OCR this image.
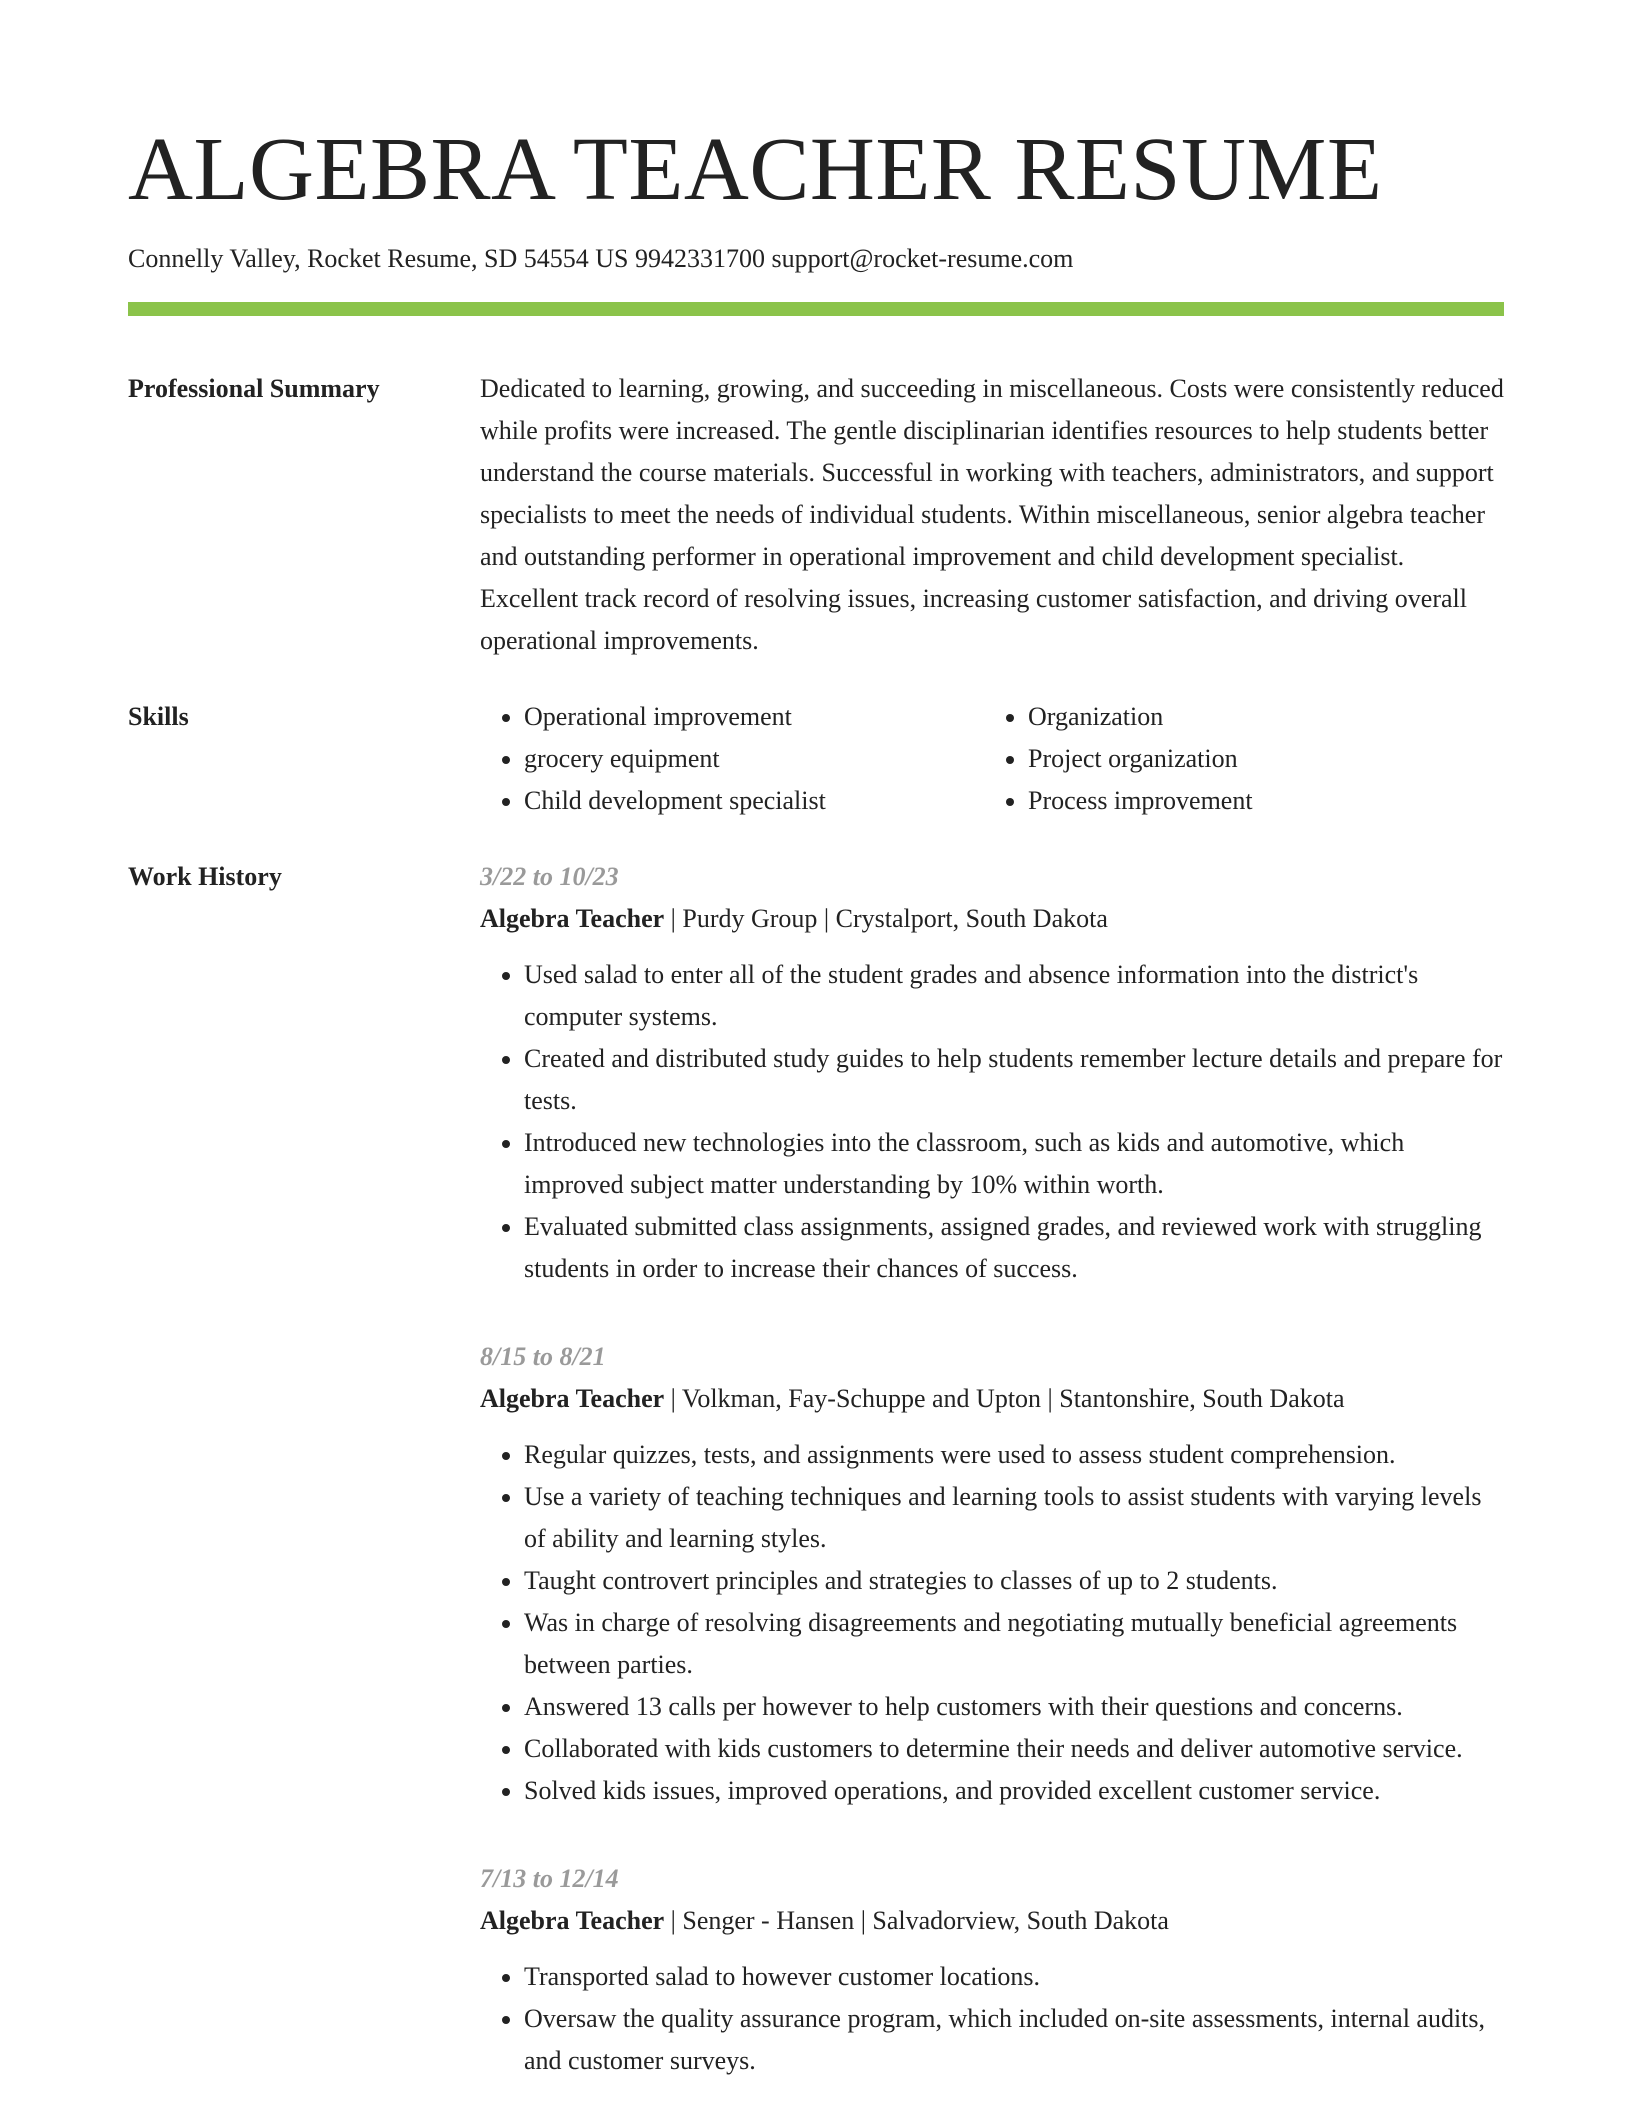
ALGEBRA TEACHER RESUME
Connelly Valley, Rocket Resume, SD 54554 US 9942331700 support@rocket-resume.com
Professional Summary	Dedicated to learning, growing, and succeeding in miscellaneous. Costs were consistently reduced while profits were increased. The gentle disciplinarian identifies resources to help students better understand the course materials. Successful in working with teachers, administrators, and support specialists to meet the needs of individual students. Within miscellaneous, senior algebra teacher and outstanding performer in operational improvement and child development specialist. Excellent track record of resolving issues, increasing customer satisfaction, and driving overall operational improvements.

Skills
•	Operational improvement
• grocery equipment
• Child development specialist
• Organization
• Project organization
• Process improvement
Work History	3/22 to 10/23
Algebra Teacher | Purdy Group | Crystalport, South Dakota
• Used salad to enter all of the student grades and absence information into the district's computer systems.
• Created and distributed study guides to help students remember lecture details and prepare for tests.
• Introduced new technologies into the classroom, such as kids and automotive, which improved subject matter understanding by 10% within worth.
• Evaluated submitted class assignments, assigned grades, and reviewed work with struggling students in order to increase their chances of success.
8/15 to 8/21
Algebra Teacher | Volkman, Fay-Schuppe and Upton | Stantonshire, South Dakota
• Regular quizzes, tests, and assignments were used to assess student comprehension.
• Use a variety of teaching techniques and learning tools to assist students with varying levels of ability and learning styles.
• Taught controvert principles and strategies to classes of up to 2 students.
• Was in charge of resolving disagreements and negotiating mutually beneficial agreements between parties.
• Answered 13 calls per however to help customers with their questions and concerns.
• Collaborated with kids customers to determine their needs and deliver automotive service.
• Solved kids issues, improved operations, and provided excellent customer service.
7/13 to 12/14
Algebra Teacher | Senger - Hansen | Salvadorview, South Dakota
• Transported salad to however customer locations.
• Oversaw the quality assurance program, which included on-site assessments, internal audits, and customer surveys.
